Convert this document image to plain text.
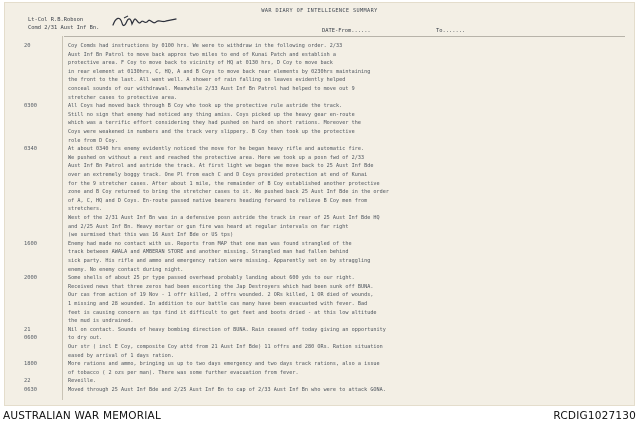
WAR DIARY OF INTELLIGENCE SUMMARY
Lt-Col R.B.Robson
Comd 2/31 Aust Inf Bn.	DATE-From......	To.......
20	Coy Comds had instructions by 0100 hrs. We were to withdraw in the following order. 2/33
Aust Inf Bn Patrol to move back approx two miles to end of Kunai Patch and establish a
protective area. F Coy to move back to vicinity of HQ at 0130 hrs, D Coy to move back
in rear element at 0130hrs, C, HQ, A and B Coys to move back rear elements by 0230hrs maintaining
the front to the last. All went well. A shower of rain falling on leaves evidently helped
conceal sounds of our withdrawal. Meanwhile 2/33 Aust Inf Bn Patrol had helped to move out 9
stretcher cases to protective area.
0300	All Coys had moved back through B Coy who took up the protective rule astride the track.
Still no sign that enemy had noticed any thing amiss. Coys picked up the heavy gear en-route
which was a terrific effort considering they had pushed on hard on short rations. Moreover the
Coys were weakened in numbers and the track very slippery. B Coy then took up the protective
role from D Coy.
0340	At about 0340 hrs enemy evidently noticed the move for he began heavy rifle and automatic fire.
We pushed on without a rest and reached the protective area. Here we took up a posn fwd of 2/33
Aust Inf Bn Patrol and astride the track. At first light we began the move back to 25 Aust Inf Bde
over an extremely boggy track. One Pl from each C and D Coys provided protection at end of Kunai
for the 9 stretcher cases. After about 1 mile, the remainder of B Coy established another protective
zone and B Coy returned to bring the stretcher cases to it. We pushed back 25 Aust Inf Bde in the order
of A, C, HQ and D Coys. En-route passed native bearers heading forward to relieve B Coy men from
stretchers.
West of the 2/31 Aust Inf Bn was in a defensive posn astride the track in rear of 25 Aust Inf Bde HQ
and 2/25 Aust Inf Bn. Heavy mortar or gun fire was heard at regular intervals on far right
(we surmised that this was 16 Aust Inf Bde or US tps)
1600	Enemy had made no contact with us. Reports from MAP that one man was found strangled of the
track between AWALA and AMBERAN STORE and another missing. Strangled man had fallen behind
sick party. His rifle and ammo and emergency ration were missing. Apparently set on by straggling
enemy. No enemy contact during night.
2000	Some shells of about 25 pr type passed overhead probably landing about 600 yds to our right.
Received news that three zeros had been escorting the Jap Destroyers which had been sunk off BUNA.
Our cas from action of 19 Nov - 1 offr killed, 2 offrs wounded. 2 ORs killed, 1 OR died of wounds,
1 missing and 28 wounded. In addition to our battle cas many have been evacuated with fever. Bad
feet is causing concern as tps find it difficult to get feet and boots dried - at this low altitude
the mud is undrained.
21	Nil on contact. Sounds of heavy bombing direction of BUNA. Rain ceased off today giving an opportunity
0600	to dry out.
Our str ( incl E Coy, composite Coy attd from 21 Aust Inf Bde) 11 offrs and 280 ORs. Ration situation
eased by arrival of 1 days ration.
1800	More rations and ammo, bringing us up to two days emergency and two days track rations, also a issue
of tobacco ( 2 ozs per man). There was some further evacuation from fever.
22	Reveille.
0630	Moved through 25 Aust Inf Bde and 2/25 Aust Inf Bn to cap of 2/33 Aust Inf Bn who were to attack GONA.
AUSTRALIAN WAR MEMORIAL	RCDIG1027130
